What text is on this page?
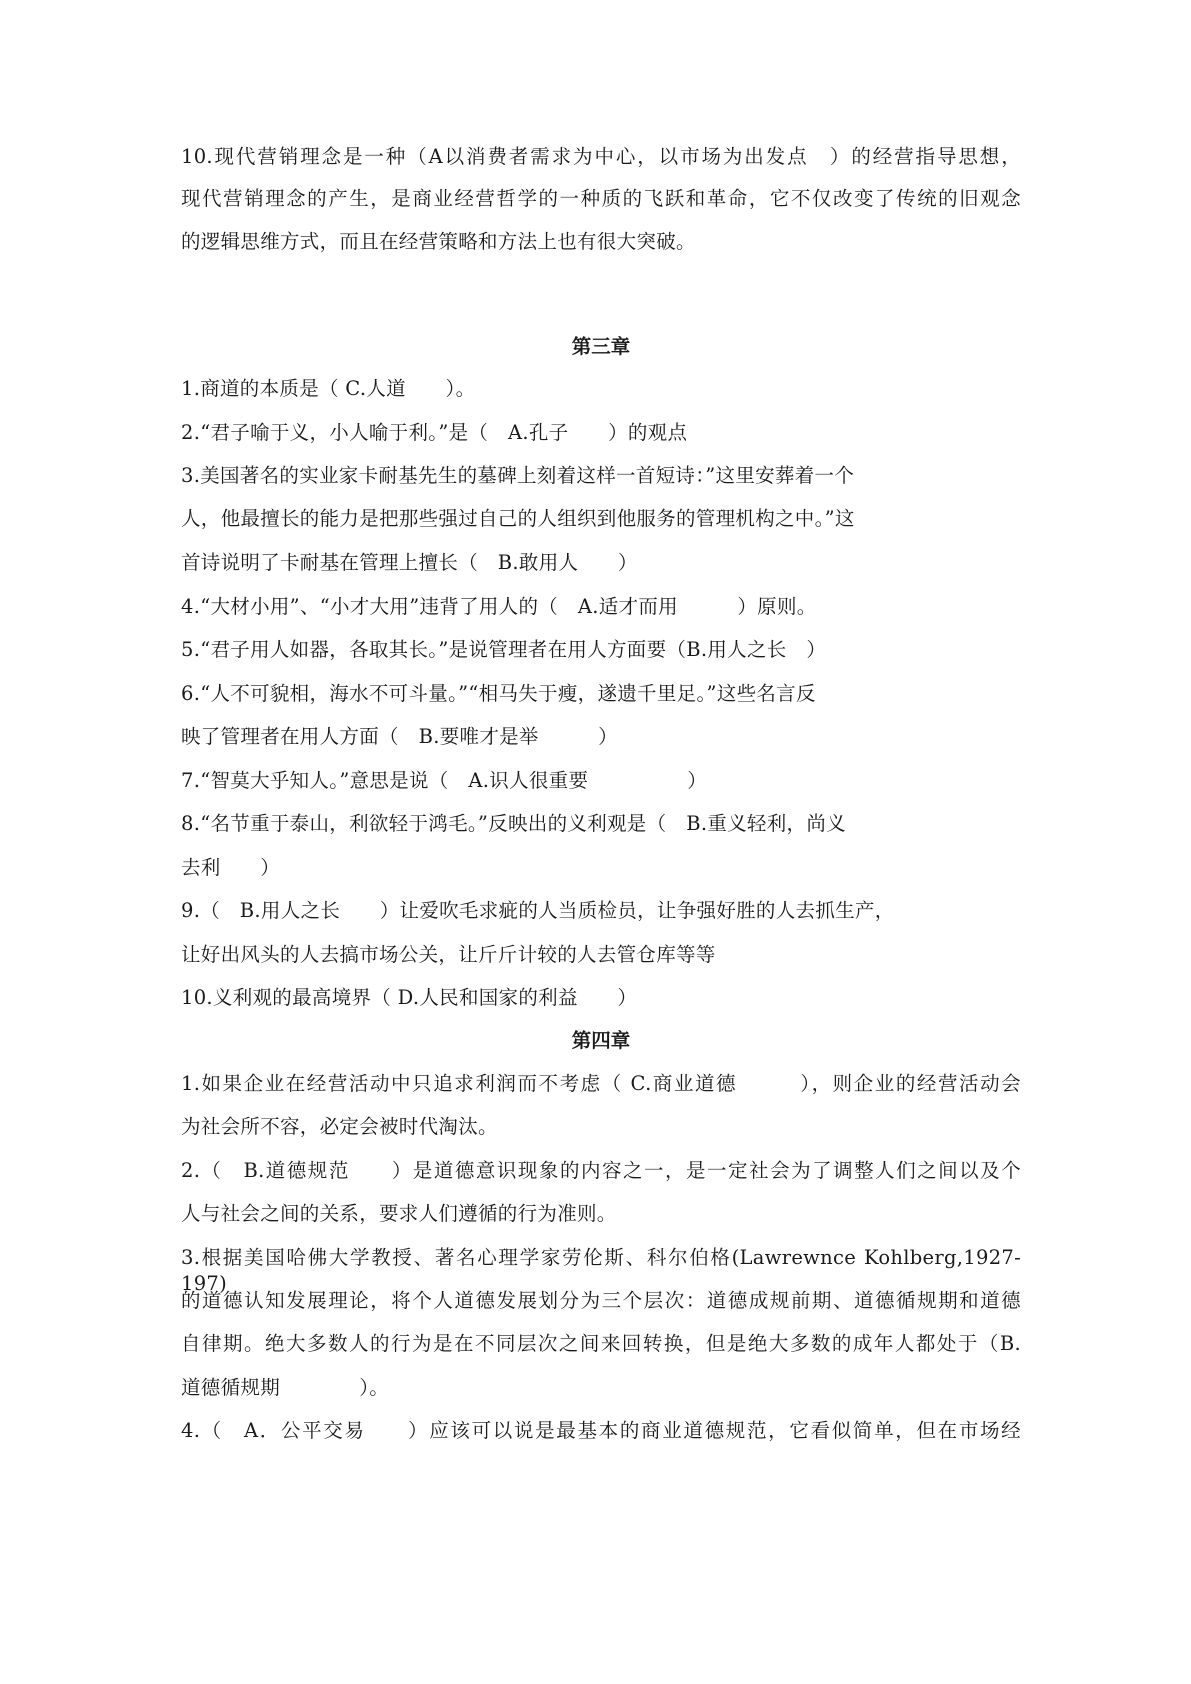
10.现代营销理念是一种（A以消费者需求为中心，以市场为出发点　）的经营指导思想，
现代营销理念的产生，是商业经营哲学的一种质的飞跃和革命，它不仅改变了传统的旧观念
的逻辑思维方式，而且在经营策略和方法上也有很大突破。
第三章
1.商道的本质是（ C.人道　　）。
2.“君子喻于义，小人喻于利。”是（　A.孔子　　）的观点
3.美国著名的实业家卡耐基先生的墓碑上刻着这样一首短诗：”这里安葬着一个
人，他最擅长的能力是把那些强过自己的人组织到他服务的管理机构之中。”这
首诗说明了卡耐基在管理上擅长（　B.敢用人　　）
4.“大材小用”、“小才大用”违背了用人的（　A.适才而用　　　）原则。
5.“君子用人如器，各取其长。”是说管理者在用人方面要（B.用人之长　）
6.“人不可貌相，海水不可斗量。”“相马失于瘦，遂遗千里足。”这些名言反
映了管理者在用人方面（　B.要唯才是举　　　）
7.“智莫大乎知人。”意思是说（　A.识人很重要　　　　　）
8.“名节重于泰山，利欲轻于鸿毛。”反映出的义利观是（　B.重义轻利，尚义
去利　　）
9.（　B.用人之长　　）让爱吹毛求疵的人当质检员，让争强好胜的人去抓生产，
让好出风头的人去搞市场公关，让斤斤计较的人去管仓库等等
10.义利观的最高境界（ D.人民和国家的利益　　）
第四章
1.如果企业在经营活动中只追求利润而不考虑（ C.商业道德　　　），则企业的经营活动会
为社会所不容，必定会被时代淘汰。
2.（　B.道德规范　　）是道德意识现象的内容之一，是一定社会为了调整人们之间以及个
人与社会之间的关系，要求人们遵循的行为准则。
3.根据美国哈佛大学教授、著名心理学家劳伦斯、科尔伯格(Lawrewnce Kohlberg,1927-197)
的道德认知发展理论，将个人道德发展划分为三个层次：道德成规前期、道德循规期和道德
自律期。绝大多数人的行为是在不同层次之间来回转换，但是绝大多数的成年人都处于（B.
道德循规期　　　　）。
4.（　A．公平交易　　）应该可以说是最基本的商业道德规范，它看似简单，但在市场经
